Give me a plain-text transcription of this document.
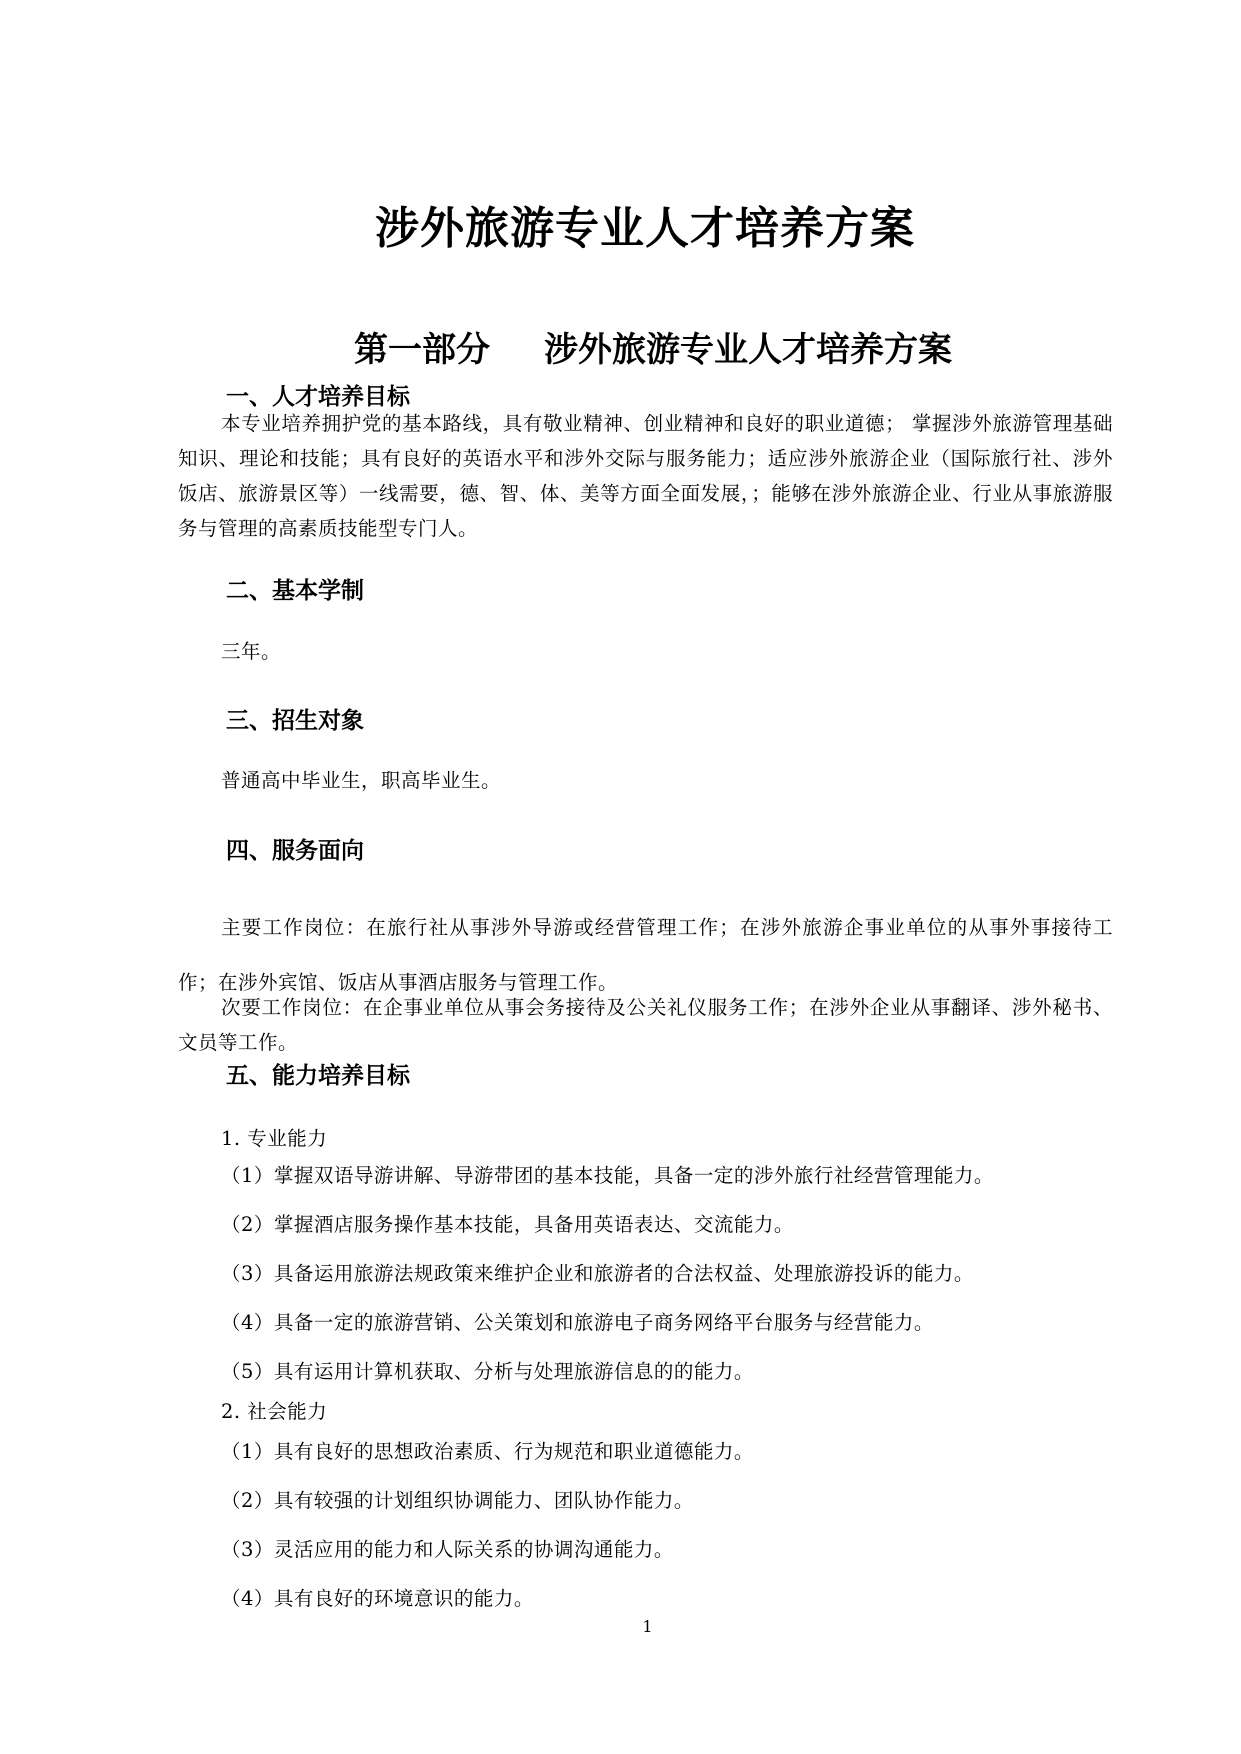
涉外旅游专业人才培养方案
第一部分 涉外旅游专业人才培养方案
一、人才培养目标
本专业培养拥护党的基本路线，具有敬业精神、创业精神和良好的职业道德； 掌握涉外旅游管理基础知识、理论和技能；具有良好的英语水平和涉外交际与服务能力；适应涉外旅游企业（国际旅行社、涉外饭店、旅游景区等）一线需要，德、智、体、美等方面全面发展，；能够在涉外旅游企业、行业从事旅游服务与管理的高素质技能型专门人。
二、基本学制
三年。
三、招生对象
普通高中毕业生，职高毕业生。
四、服务面向
主要工作岗位：在旅行社从事涉外导游或经营管理工作；在涉外旅游企事业单位的从事外事接待工作；在涉外宾馆、饭店从事酒店服务与管理工作。
次要工作岗位：在企事业单位从事会务接待及公关礼仪服务工作；在涉外企业从事翻译、涉外秘书、文员等工作。
五、能力培养目标
1. 专业能力
（1）掌握双语导游讲解、导游带团的基本技能，具备一定的涉外旅行社经营管理能力。
（2）掌握酒店服务操作基本技能，具备用英语表达、交流能力。
（3）具备运用旅游法规政策来维护企业和旅游者的合法权益、处理旅游投诉的能力。
（4）具备一定的旅游营销、公关策划和旅游电子商务网络平台服务与经营能力。
（5）具有运用计算机获取、分析与处理旅游信息的的能力。
2. 社会能力
（1）具有良好的思想政治素质、行为规范和职业道德能力。
（2）具有较强的计划组织协调能力、团队协作能力。
（3）灵活应用的能力和人际关系的协调沟通能力。
（4）具有良好的环境意识的能力。
1
